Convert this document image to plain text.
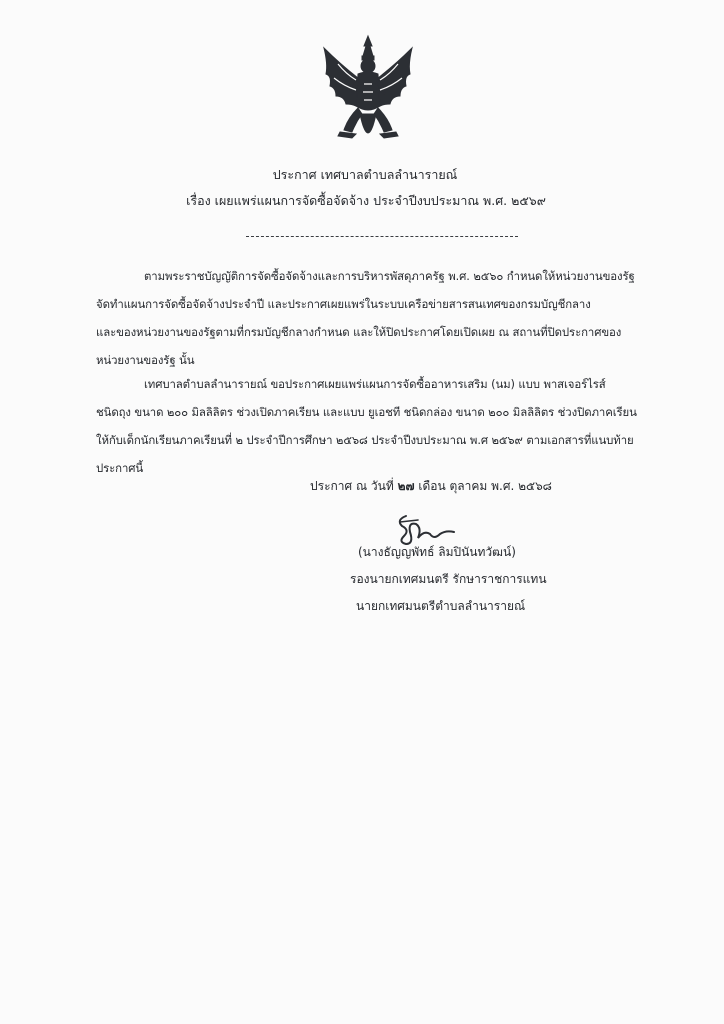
ประกาศ เทศบาลตำบลลำนารายณ์
เรื่อง เผยแพร่แผนการจัดซื้อจัดจ้าง ประจำปีงบประมาณ พ.ศ. ๒๕๖๙
ตามพระราชบัญญัติการจัดซื้อจัดจ้างและการบริหารพัสดุภาครัฐ พ.ศ. ๒๕๖๐ กำหนดให้หน่วยงานของรัฐ
จัดทำแผนการจัดซื้อจัดจ้างประจำปี และประกาศเผยแพร่ในระบบเครือข่ายสารสนเทศของกรมบัญชีกลาง
และของหน่วยงานของรัฐตามที่กรมบัญชีกลางกำหนด และให้ปิดประกาศโดยเปิดเผย ณ สถานที่ปิดประกาศของ
หน่วยงานของรัฐ นั้น
เทศบาลตำบลลำนารายณ์ ขอประกาศเผยแพร่แผนการจัดซื้ออาหารเสริม (นม) แบบ พาสเจอร์ไรส์
ชนิดถุง ขนาด ๒๐๐ มิลลิลิตร ช่วงเปิดภาคเรียน และแบบ ยูเอชที ชนิดกล่อง ขนาด ๒๐๐ มิลลิลิตร ช่วงปิดภาคเรียน
ให้กับเด็กนักเรียนภาคเรียนที่ ๒ ประจำปีการศึกษา ๒๕๖๘ ประจำปีงบประมาณ พ.ศ ๒๕๖๙ ตามเอกสารที่แนบท้าย
ประกาศนี้
ประกาศ ณ วันที่ ๒๗ เดือน ตุลาคม พ.ศ. ๒๕๖๘
(นางธัญญพัทธ์ ลิมปินันทวัฒน์)
รองนายกเทศมนตรี รักษาราชการแทน
นายกเทศมนตรีตำบลลำนารายณ์
